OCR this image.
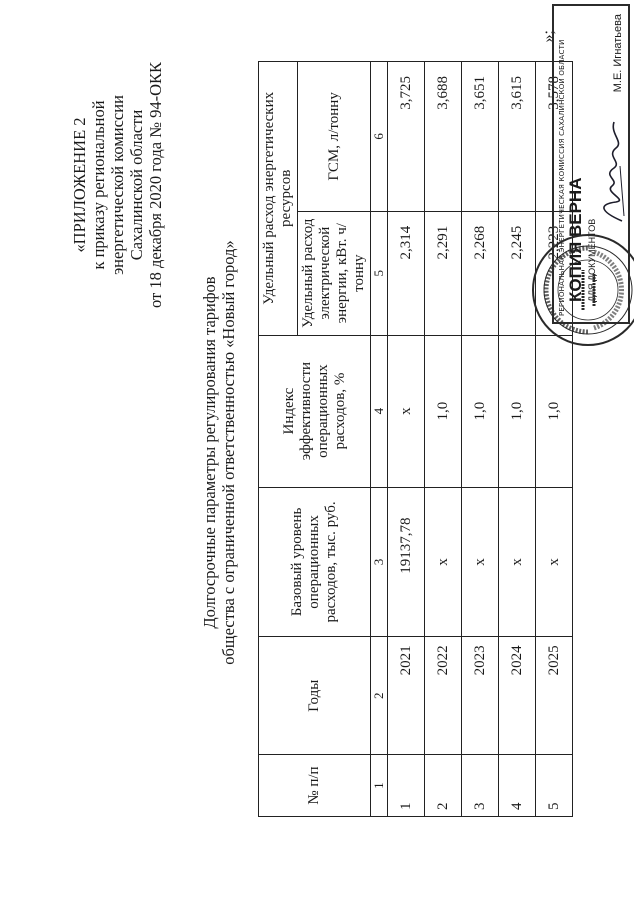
«ПРИЛОЖЕНИЕ 2 к приказу региональной энергетической комиссии Сахалинской области от 18 декабря 2020 года № 94-ОКК
Долгосрочные параметры регулирования тарифов общества с ограниченной ответственностью «Новый город»
№ п/п	Годы	Базовый уровень операционных расходов, тыс. руб.	Индекс эффективности операционных расходов, %	Удельный расход энергетических ресурсов	
				Удельный расход электрической энергии, кВт. ч/тонну	ГСМ, л/тонну
1	2	3	4	5	6
1	2021	19137,78	х	2,314	3,725
2	2022	х	1,0	2,291	3,688
3	2023	х	1,0	2,268	3,651
4	2024	х	1,0	2,245	3,615
5	2025	х	1,0	2,223	3,578
»;
РЕГИОНАЛЬНАЯ ЭНЕРГЕТИЧЕСКАЯ КОМИССИЯ САХАЛИНСКОЙ ОБЛАСТИ КОПИЯ ВЕРНА ДЛЯ ДОКУМЕНТОВ
М.Е. Игнатьева
